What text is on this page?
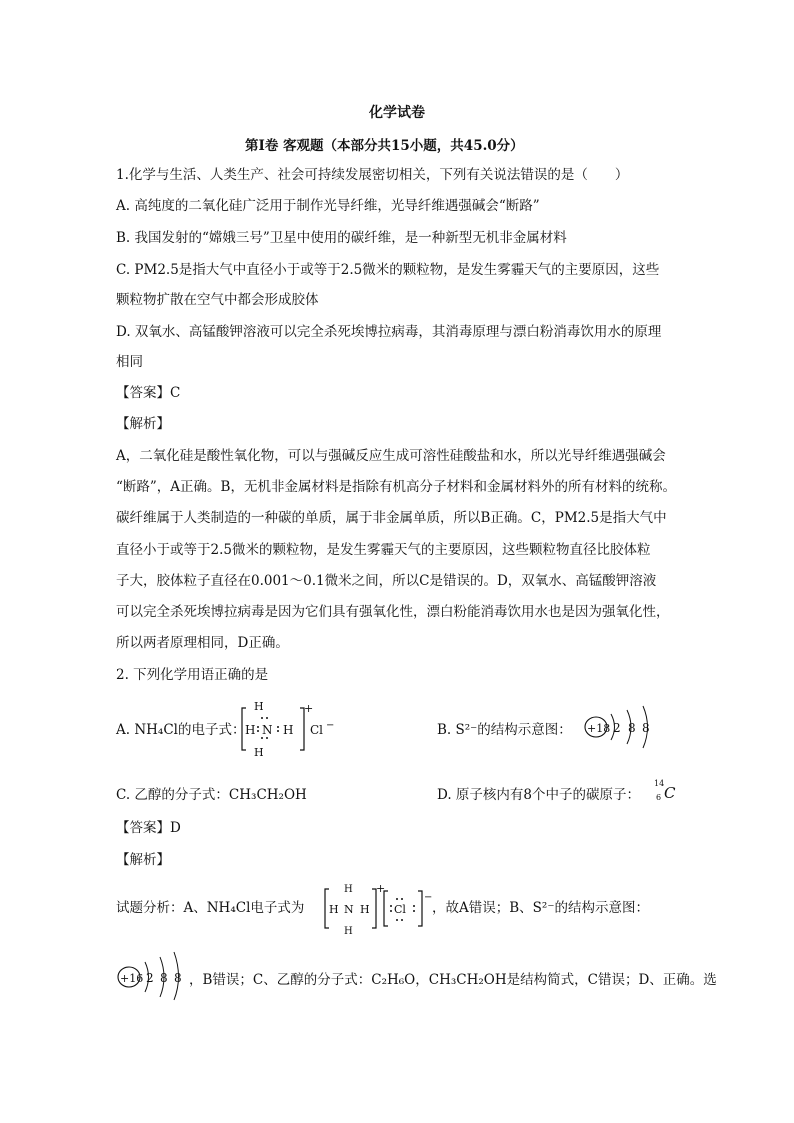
化学试卷
第Ⅰ卷 客观题（本部分共15小题，共45.0分）
1.化学与生活、人类生产、社会可持续发展密切相关，下列有关说法错误的是（　　）
A. 高纯度的二氧化硅广泛用于制作光导纤维，光导纤维遇强碱会“断路”
B. 我国发射的“嫦娥三号”卫星中使用的碳纤维，是一种新型无机非金属材料
C. PM2.5是指大气中直径小于或等于2.5微米的颗粒物，是发生雾霾天气的主要原因，这些
颗粒物扩散在空气中都会形成胶体
D. 双氧水、高锰酸钾溶液可以完全杀死埃博拉病毒，其消毒原理与漂白粉消毒饮用水的原理
相同
【答案】C
【解析】
A，二氧化硅是酸性氧化物，可以与强碱反应生成可溶性硅酸盐和水，所以光导纤维遇强碱会
“断路”，A正确。B，无机非金属材料是指除有机高分子材料和金属材料外的所有材料的统称。
碳纤维属于人类制造的一种碳的单质，属于非金属单质，所以B正确。C，PM2.5是指大气中
直径小于或等于2.5微米的颗粒物，是发生雾霾天气的主要原因，这些颗粒物直径比胶体粒
子大，胶体粒子直径在0.001～0.1微米之间，所以C是错误的。D，双氧水、高锰酸钾溶液
可以完全杀死埃博拉病毒是因为它们具有强氧化性，漂白粉能消毒饮用水也是因为强氧化性，
所以两者原理相同，D正确。
2. 下列化学用语正确的是
A. NH₄Cl的电子式：
H
H N H
H
+
Cl −	B. S²⁻的结构示意图： +18 2 8 8
C. 乙醇的分子式：CH₃CH₂OH	D. 原子核内有8个中子的碳原子：
14
6 C
【答案】D
【解析】
试题分析：A、NH₄Cl电子式为
H
H N H
H
+
Cl
−
，故A错误；B、S²⁻的结构示意图：
+16 2 8 8 ，B错误；C、乙醇的分子式：C₂H₆O，CH₃CH₂OH是结构简式，C错误；D、正确。选
